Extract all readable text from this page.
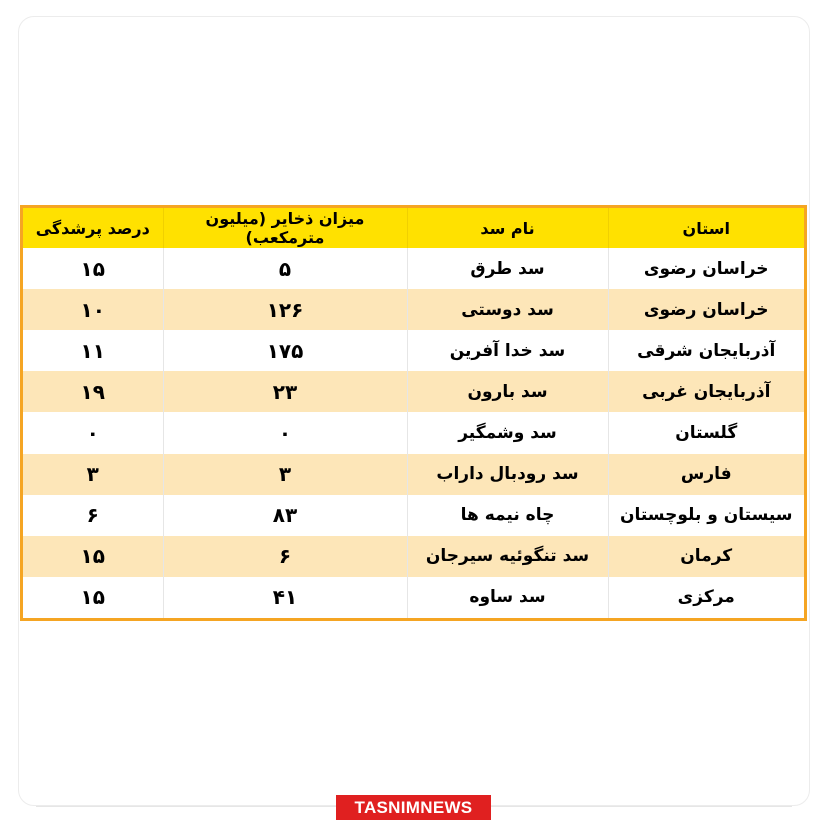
استان	نام سد	میزان ذخایر (میلیون مترمکعب)	درصد پرشدگی
خراسان رضوی	سد طرق	۵	۱۵
خراسان رضوی	سد دوستی	۱۲۶	۱۰
آذربایجان شرقی	سد خدا آفرین	۱۷۵	۱۱
آذربایجان غربی	سد بارون	۲۳	۱۹
گلستان	سد وشمگیر	۰	۰
فارس	سد رودبال داراب	۳	۳
سیستان و بلوچستان	چاه نیمه ها	۸۳	۶
کرمان	سد تنگوئیه سیرجان	۶	۱۵
مرکزی	سد ساوه	۴۱	۱۵
TASNIMNEWS
